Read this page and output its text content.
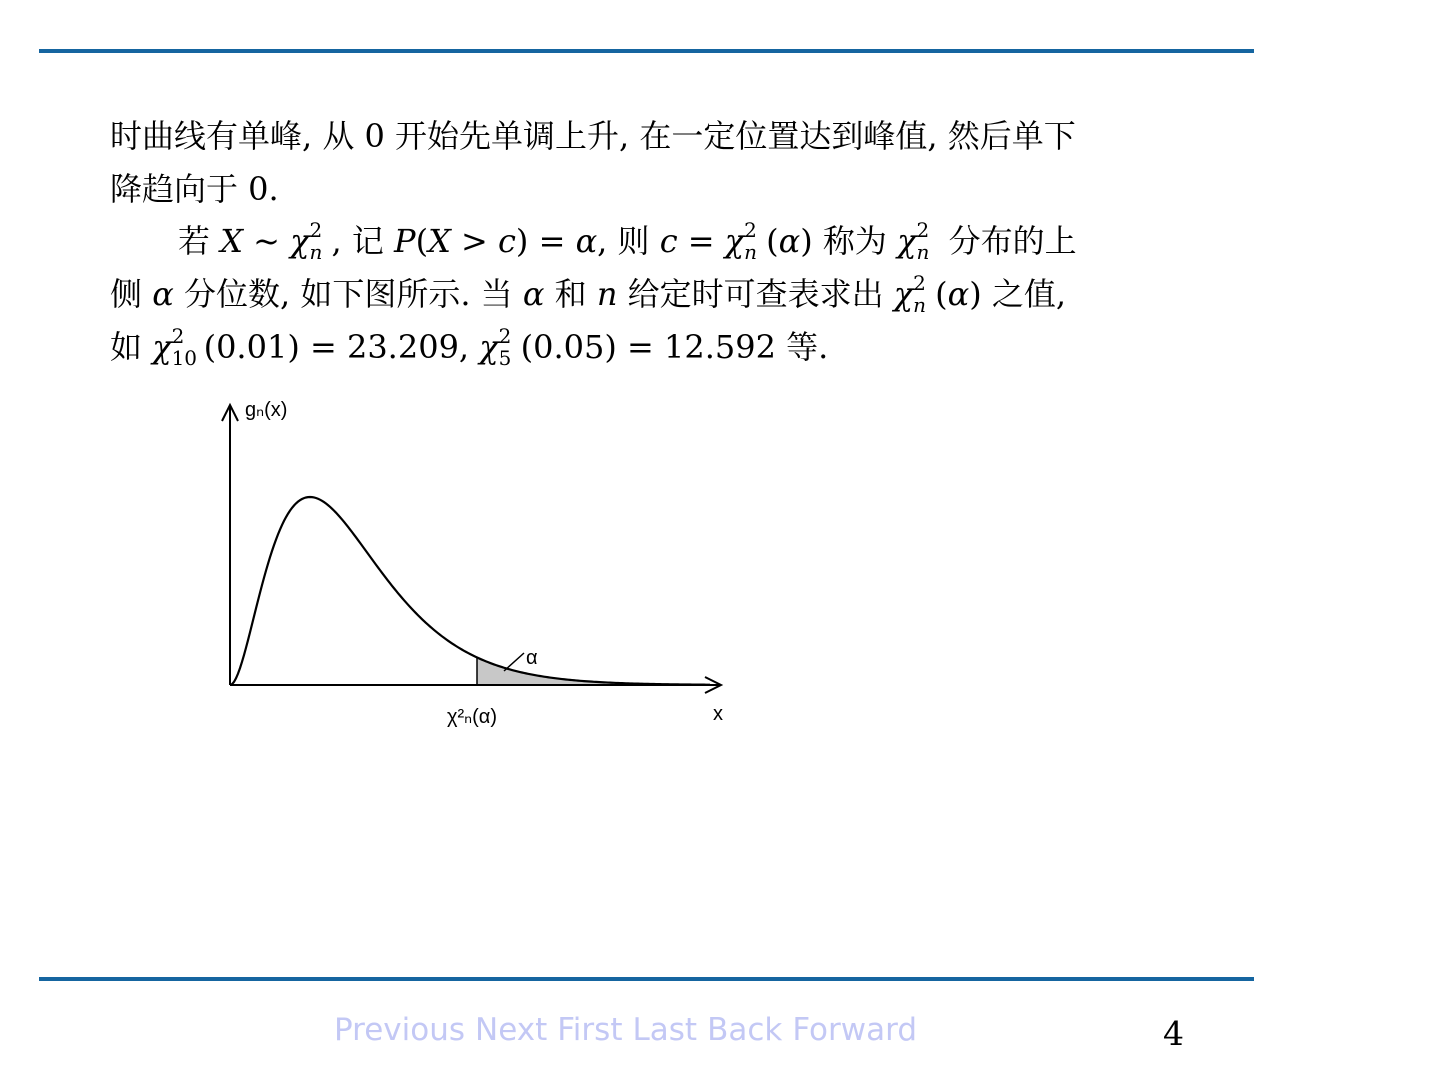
时曲线有单峰, 从 0 开始先单调上升, 在一定位置达到峰值, 然后单下
降趋向于 0.
若 X ~ χ 2
n , 记 P(X > c) = α, 则 c = χ 2
n (α) 称为 χ 2
n 分布的上
侧 α 分位数, 如下图所示. 当 α 和 n 给定时可查表求出 χ 2
n (α) 之值,
如 χ 2
10 (0.01) = 23.209, χ 2
5 (0.05) = 12.592 等.
gₙ(x)
x
χ²ₙ(α)
α
Previous Next First Last Back Forward	4
